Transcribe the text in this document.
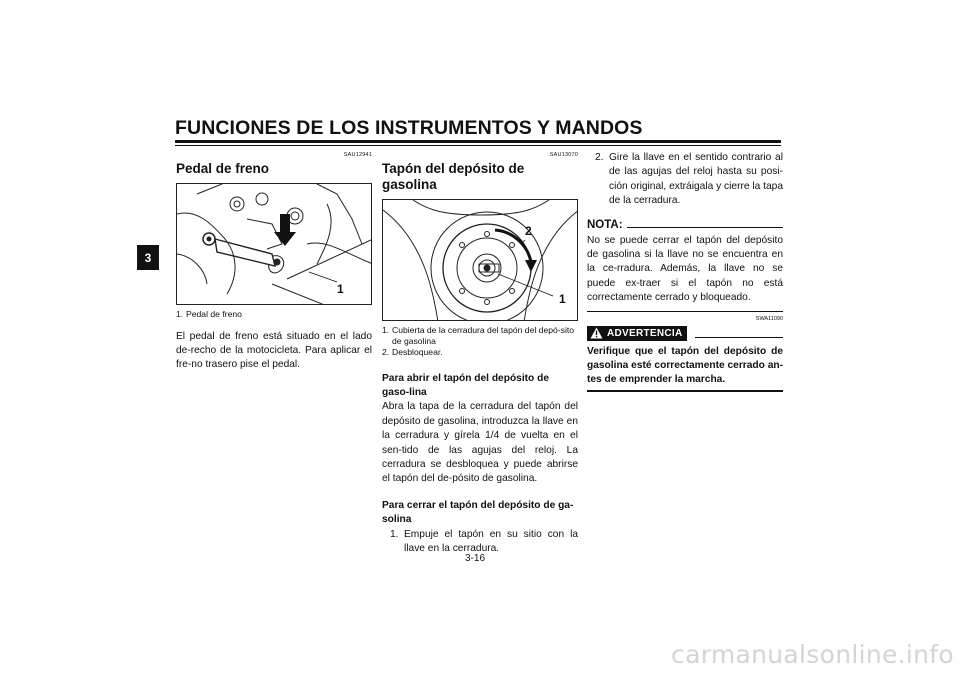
FUNCIONES DE LOS INSTRUMENTOS Y MANDOS
3
SAU12941
Pedal de freno
1
1. Pedal de freno
El pedal de freno está situado en el lado de-recho de la motocicleta. Para aplicar el fre-no trasero pise el pedal.
SAU13070
Tapón del depósito de gasolina
1
2
1. Cubierta de la cerradura del tapón del depó-sito de gasolina
2. Desbloquear.
Para abrir el tapón del depósito de gaso-lina
Abra la tapa de la cerradura del tapón del depósito de gasolina, introduzca la llave en la cerradura y gírela 1/4 de vuelta en el sen-tido de las agujas del reloj. La cerradura se desbloquea y puede abrirse el tapón del de-pósito de gasolina.
Para cerrar el tapón del depósito de ga-solina
1. Empuje el tapón en su sitio con la llave en la cerradura.
2. Gire la llave en el sentido contrario al de las agujas del reloj hasta su posi-ción original, extráigala y cierre la tapa de la cerradura.
NOTA:
No se puede cerrar el tapón del depósito de gasolina si la llave no se encuentra en la ce-rradura. Además, la llave no se puede ex-traer si el tapón no está correctamente cerrado y bloqueado.
SWA11090
ADVERTENCIA
Verifique que el tapón del depósito de gasolina esté correctamente cerrado an-tes de emprender la marcha.
3-16
carmanualsonline.info
